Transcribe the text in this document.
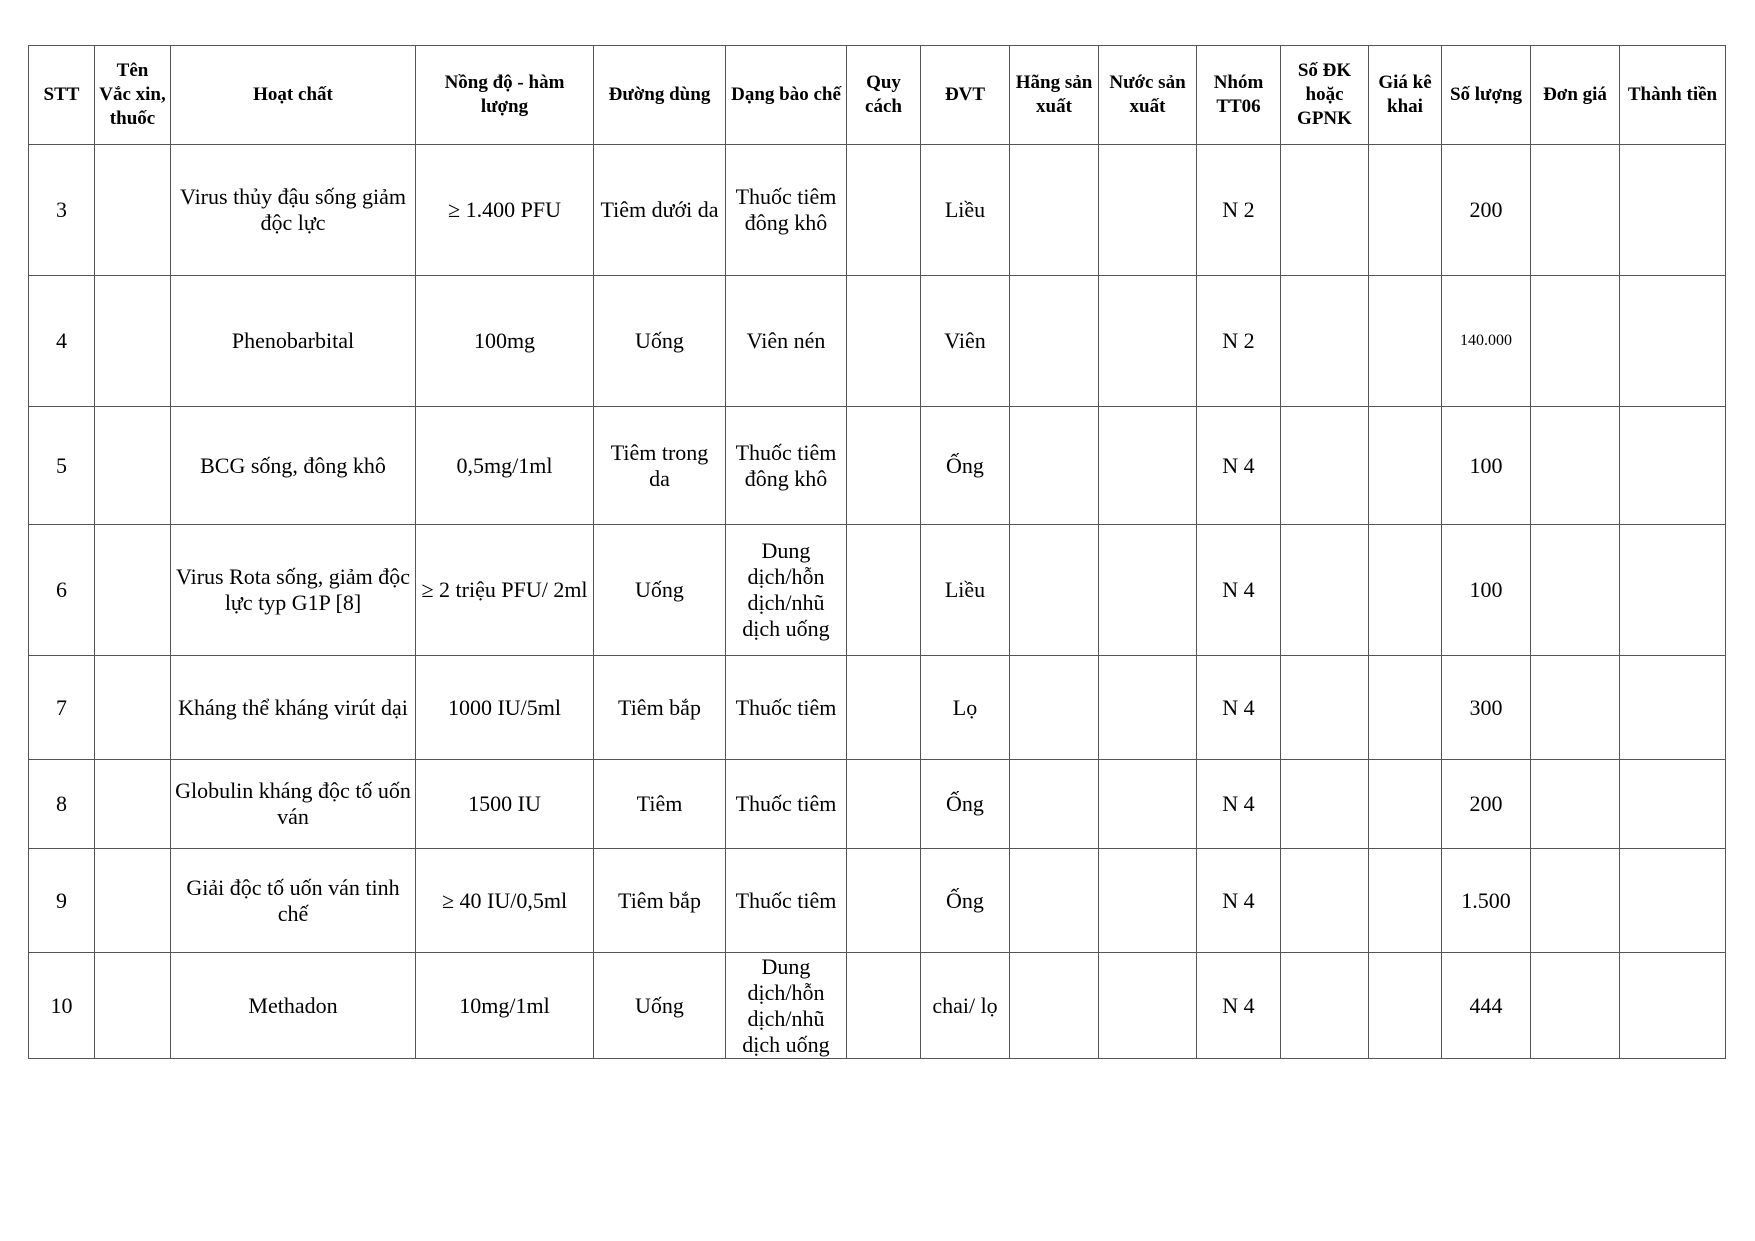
STT	Tên Vắc xin, thuốc	Hoạt chất	Nồng độ - hàm lượng	Đường dùng	Dạng bào chế	Quy cách	ĐVT	Hãng sản xuất	Nước sản xuất	Nhóm TT06	Số ĐK hoặc GPNK	Giá kê khai	Số lượng	Đơn giá	Thành tiền
3		Virus thủy đậu sống giảm độc lực	≥ 1.400 PFU	Tiêm dưới da	Thuốc tiêm đông khô		Liều			N 2			200		
4		Phenobarbital	100mg	Uống	Viên nén		Viên			N 2			140.000		
5		BCG sống, đông khô	0,5mg/1ml	Tiêm trong da	Thuốc tiêm đông khô		Ống			N 4			100		
6		Virus Rota sống, giảm độc lực typ G1P [8]	≥ 2 triệu PFU/ 2ml	Uống	Dung dịch/hỗn dịch/nhũ dịch uống		Liều			N 4			100		
7		Kháng thể kháng virút dại	1000 IU/5ml	Tiêm bắp	Thuốc tiêm		Lọ			N 4			300		
8		Globulin kháng độc tố uốn ván	1500 IU	Tiêm	Thuốc tiêm		Ống			N 4			200		
9		Giải độc tố uốn ván tinh chế	≥ 40 IU/0,5ml	Tiêm bắp	Thuốc tiêm		Ống			N 4			1.500		
10		Methadon	10mg/1ml	Uống	Dung dịch/hỗn dịch/nhũ dịch uống		chai/ lọ			N 4			444		
